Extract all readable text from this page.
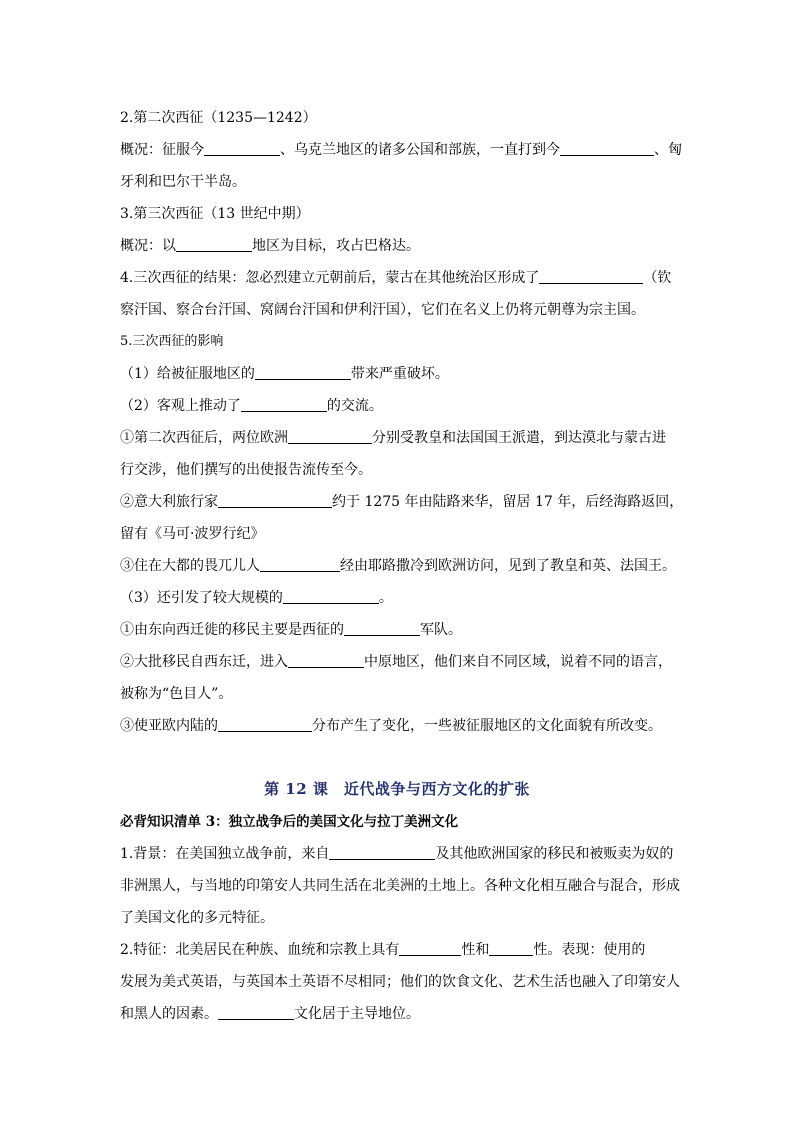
2.第二次西征（1235—1242）
概况：征服今	、乌克兰地区的诸多公国和部族，一直打到今	、匈
牙利和巴尔干半岛。
3.第三次西征（13 世纪中期）
概况：以	地区为目标，攻占巴格达。
4.三次西征的结果：忽必烈建立元朝前后，蒙古在其他统治区形成了	（钦
察汗国、察合台汗国、窝阔台汗国和伊利汗国），它们在名义上仍将元朝尊为宗主国。
5.三次西征的影响
（1）给被征服地区的	带来严重破坏。
（2）客观上推动了	的交流。
①第二次西征后，两位欧洲	分别受教皇和法国国王派遣，到达漠北与蒙古进
行交涉，他们撰写的出使报告流传至今。
②意大利旅行家	约于 1275 年由陆路来华，留居 17 年，后经海路返回，
留有《马可·波罗行纪》
③住在大都的畏兀儿人	经由耶路撒冷到欧洲访问，见到了教皇和英、法国王。
（3）还引发了较大规模的	。
①由东向西迁徙的移民主要是西征的	军队。
②大批移民自西东迁，进入	中原地区，他们来自不同区域，说着不同的语言，
被称为“色目人”。
③使亚欧内陆的	分布产生了变化，一些被征服地区的文化面貌有所改变。
第 12 课　近代战争与西方文化的扩张
必背知识清单 3：独立战争后的美国文化与拉丁美洲文化
1.背景：在美国独立战争前，来自	及其他欧洲国家的移民和被贩卖为奴的
非洲黑人，与当地的印第安人共同生活在北美洲的土地上。各种文化相互融合与混合，形成
了美国文化的多元特征。
2.特征：北美居民在种族、血统和宗教上具有	性和	性。表现：使用的
发展为美式英语，与英国本土英语不尽相同；他们的饮食文化、艺术生活也融入了印第安人
和黑人的因素。	文化居于主导地位。
